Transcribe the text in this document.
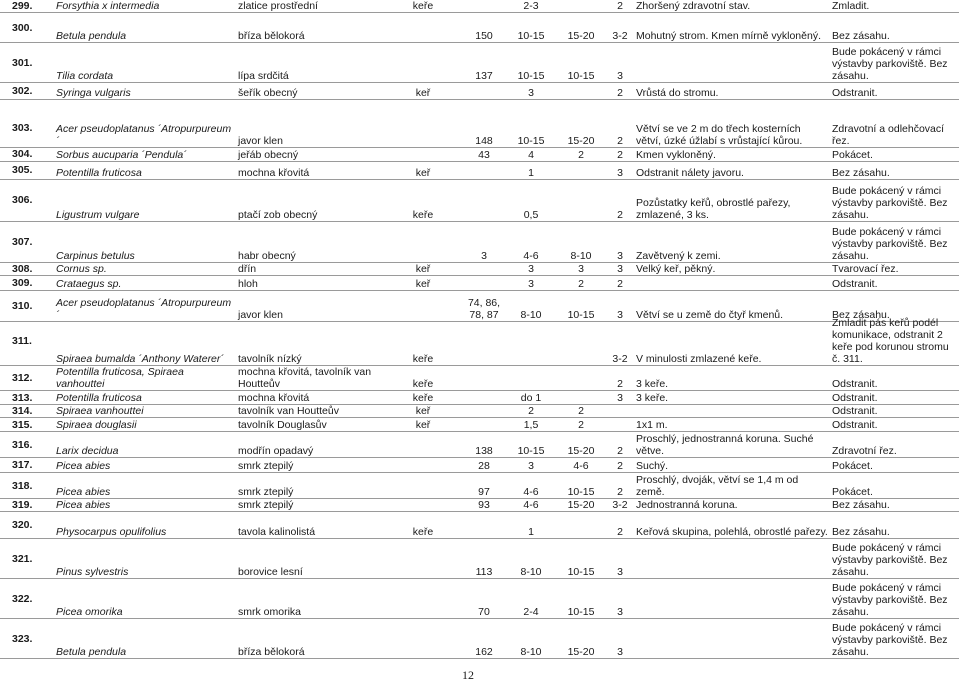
299.	Forsythia x intermedia	zlatice prostřední	keře		2-3		2	Zhoršený zdravotní stav.	Zmladit.
300.	Betula pendula	bříza bělokorá		150	10-15	15-20	3-2	Mohutný strom. Kmen mírně vykloněný.	Bez zásahu.
301.	Tilia cordata	lípa srdčitá		137	10-15	10-15	3		Bude pokácený v rámci výstavby parkoviště. Bez zásahu.
302.	Syringa vulgaris	šeřík obecný	keř		3		2	Vrůstá do stromu.	Odstranit.
303.	Acer pseudoplatanus ´Atropurpureum´	javor klen		148	10-15	15-20	2	Větví se ve 2 m do třech kosterních větví, úzké úžlabí s vrůstající kůrou.	Zdravotní a odlehčovací řez.
304.	Sorbus aucuparia ´Pendula´	jeřáb obecný		43	4	2	2	Kmen vykloněný.	Pokácet.
305.	Potentilla fruticosa	mochna křovitá	keř		1		3	Odstranit nálety javoru.	Bez zásahu.
306.	Ligustrum vulgare	ptačí zob obecný	keře		0,5		2	Pozůstatky keřů, obrostlé pařezy, zmlazené, 3 ks.	Bude pokácený v rámci výstavby parkoviště. Bez zásahu.
307.	Carpinus betulus	habr obecný		3	4-6	8-10	3	Zavětvený k zemi.	Bude pokácený v rámci výstavby parkoviště. Bez zásahu.
308.	Cornus sp.	dřín	keř		3	3	3	Velký keř, pěkný.	Tvarovací řez.
309.	Crataegus sp.	hloh	keř		3	2	2		Odstranit.
310.	Acer pseudoplatanus ´Atropurpureum´	javor klen		74, 86, 78, 87	8-10	10-15	3	Větví se u země do čtyř kmenů.	Bez zásahu.
311.	Spiraea bumalda ´Anthony Waterer´	tavolník nízký	keře				3-2	V minulosti zmlazené keře.	Zmladit pás keřů podél komunikace, odstranit 2 keře pod korunou stromu č. 311.
312.	Potentilla fruticosa, Spiraea vanhouttei	mochna křovitá, tavolník van Houtteův	keře				2	3 keře.	Odstranit.
313.	Potentilla fruticosa	mochna křovitá	keře		do 1		3	3 keře.	Odstranit.
314.	Spiraea vanhouttei	tavolník van Houtteův	keř		2	2			Odstranit.
315.	Spiraea douglasii	tavolník Douglasův	keř		1,5	2		1x1 m.	Odstranit.
316.	Larix decidua	modřín opadavý		138	10-15	15-20	2	Proschlý, jednostranná koruna. Suché větve.	Zdravotní řez.
317.	Picea abies	smrk ztepilý		28	3	4-6	2	Suchý.	Pokácet.
318.	Picea abies	smrk ztepilý		97	4-6	10-15	2	Proschlý, dvoják, větví se 1,4 m od země.	Pokácet.
319.	Picea abies	smrk ztepilý		93	4-6	15-20	3-2	Jednostranná koruna.	Bez zásahu.
320.	Physocarpus opulifolius	tavola kalinolistá	keře		1		2	Keřová skupina, polehlá, obrostlé pařezy.	Bez zásahu.
321.	Pinus sylvestris	borovice lesní		113	8-10	10-15	3		Bude pokácený v rámci výstavby parkoviště. Bez zásahu.
322.	Picea omorika	smrk omorika		70	2-4	10-15	3		Bude pokácený v rámci výstavby parkoviště. Bez zásahu.
323.	Betula pendula	bříza bělokorá		162	8-10	15-20	3		Bude pokácený v rámci výstavby parkoviště. Bez zásahu.
12
